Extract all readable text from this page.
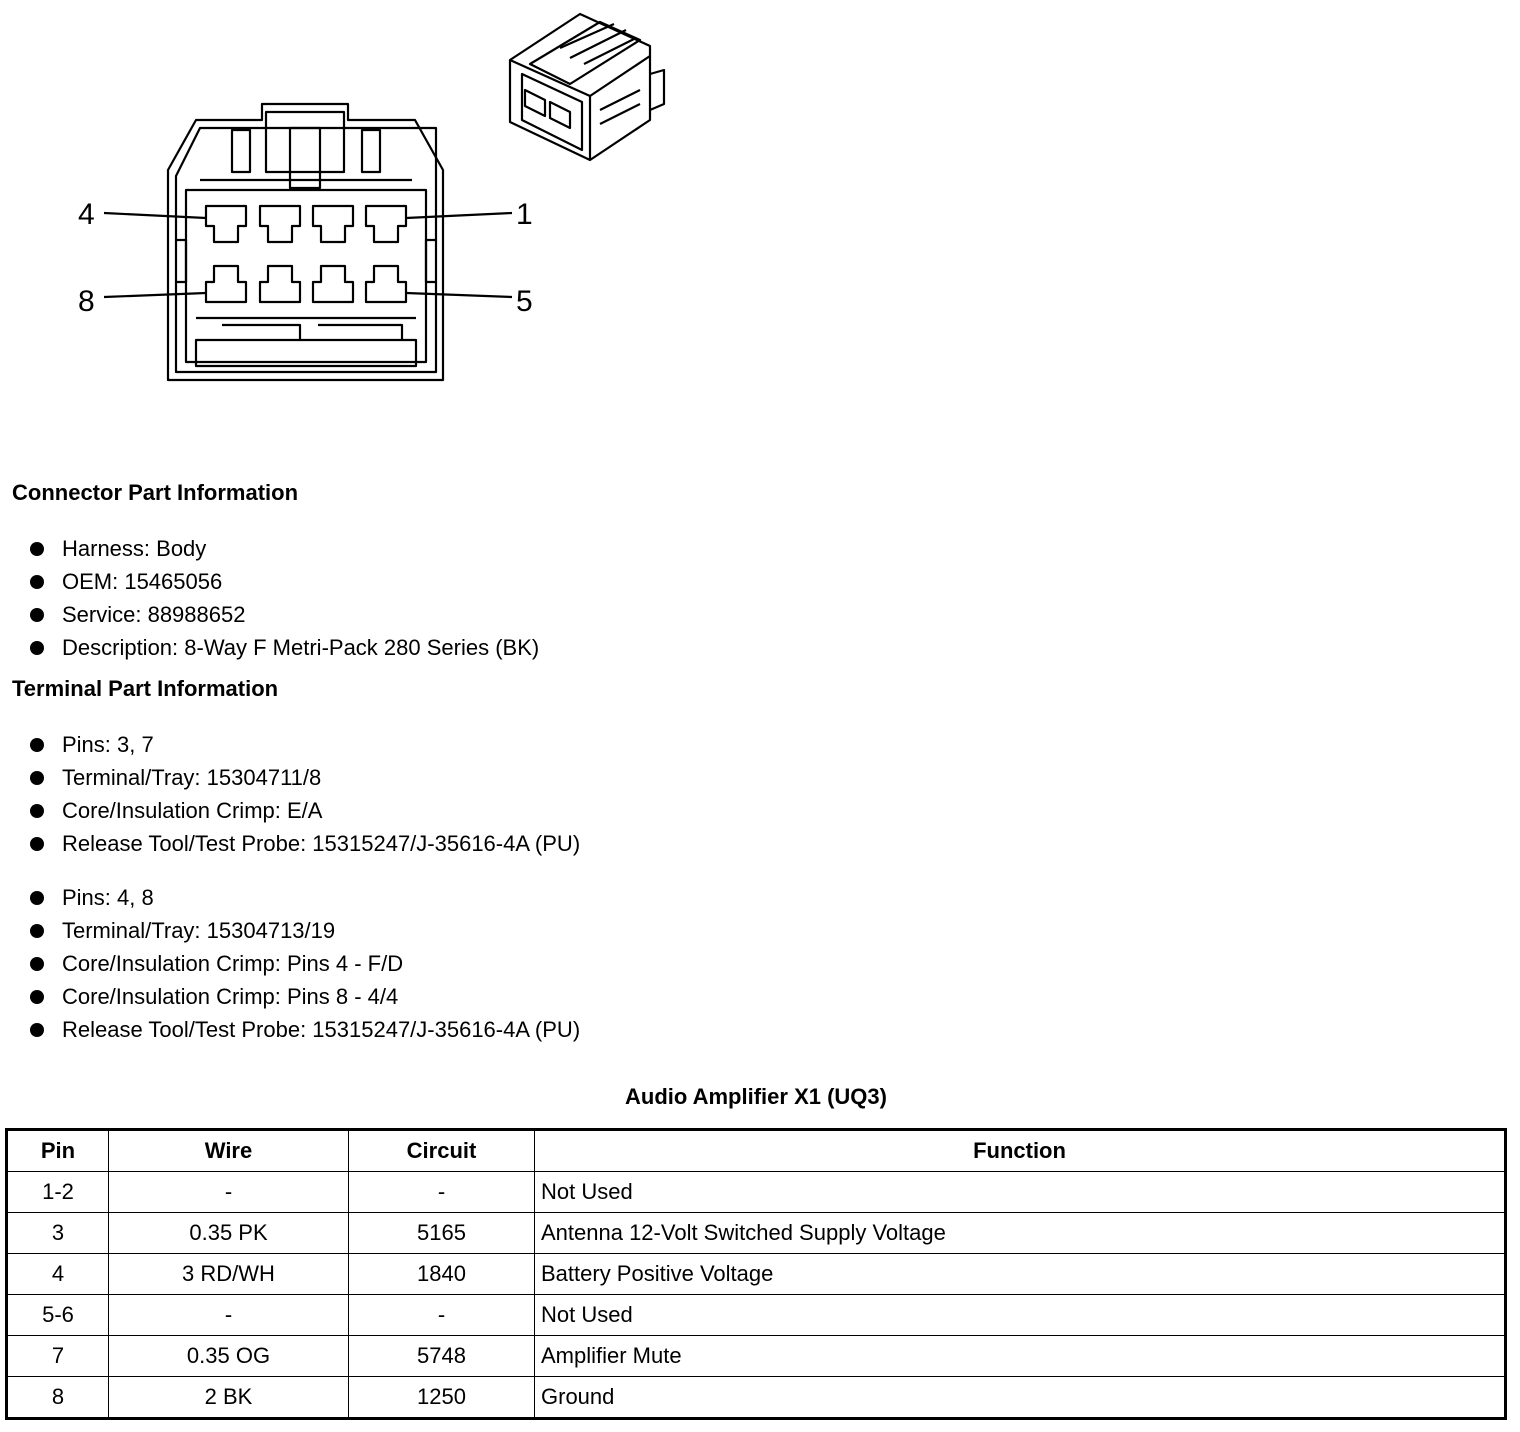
4	1
8	5
Connector Part Information
Harness: Body
OEM: 15465056
Service: 88988652
Description: 8-Way F Metri-Pack 280 Series (BK)
Terminal Part Information
Pins: 3, 7
Terminal/Tray: 15304711/8
Core/Insulation Crimp: E/A
Release Tool/Test Probe: 15315247/J-35616-4A (PU)
Pins: 4, 8
Terminal/Tray: 15304713/19
Core/Insulation Crimp: Pins 4 - F/D
Core/Insulation Crimp: Pins 8 - 4/4
Release Tool/Test Probe: 15315247/J-35616-4A (PU)
Audio Amplifier X1 (UQ3)
Pin	Wire	Circuit	Function
1-2	-	-	Not Used
3	0.35 PK	5165	Antenna 12-Volt Switched Supply Voltage
4	3 RD/WH	1840	Battery Positive Voltage
5-6	-	-	Not Used
7	0.35 OG	5748	Amplifier Mute
8	2 BK	1250	Ground
